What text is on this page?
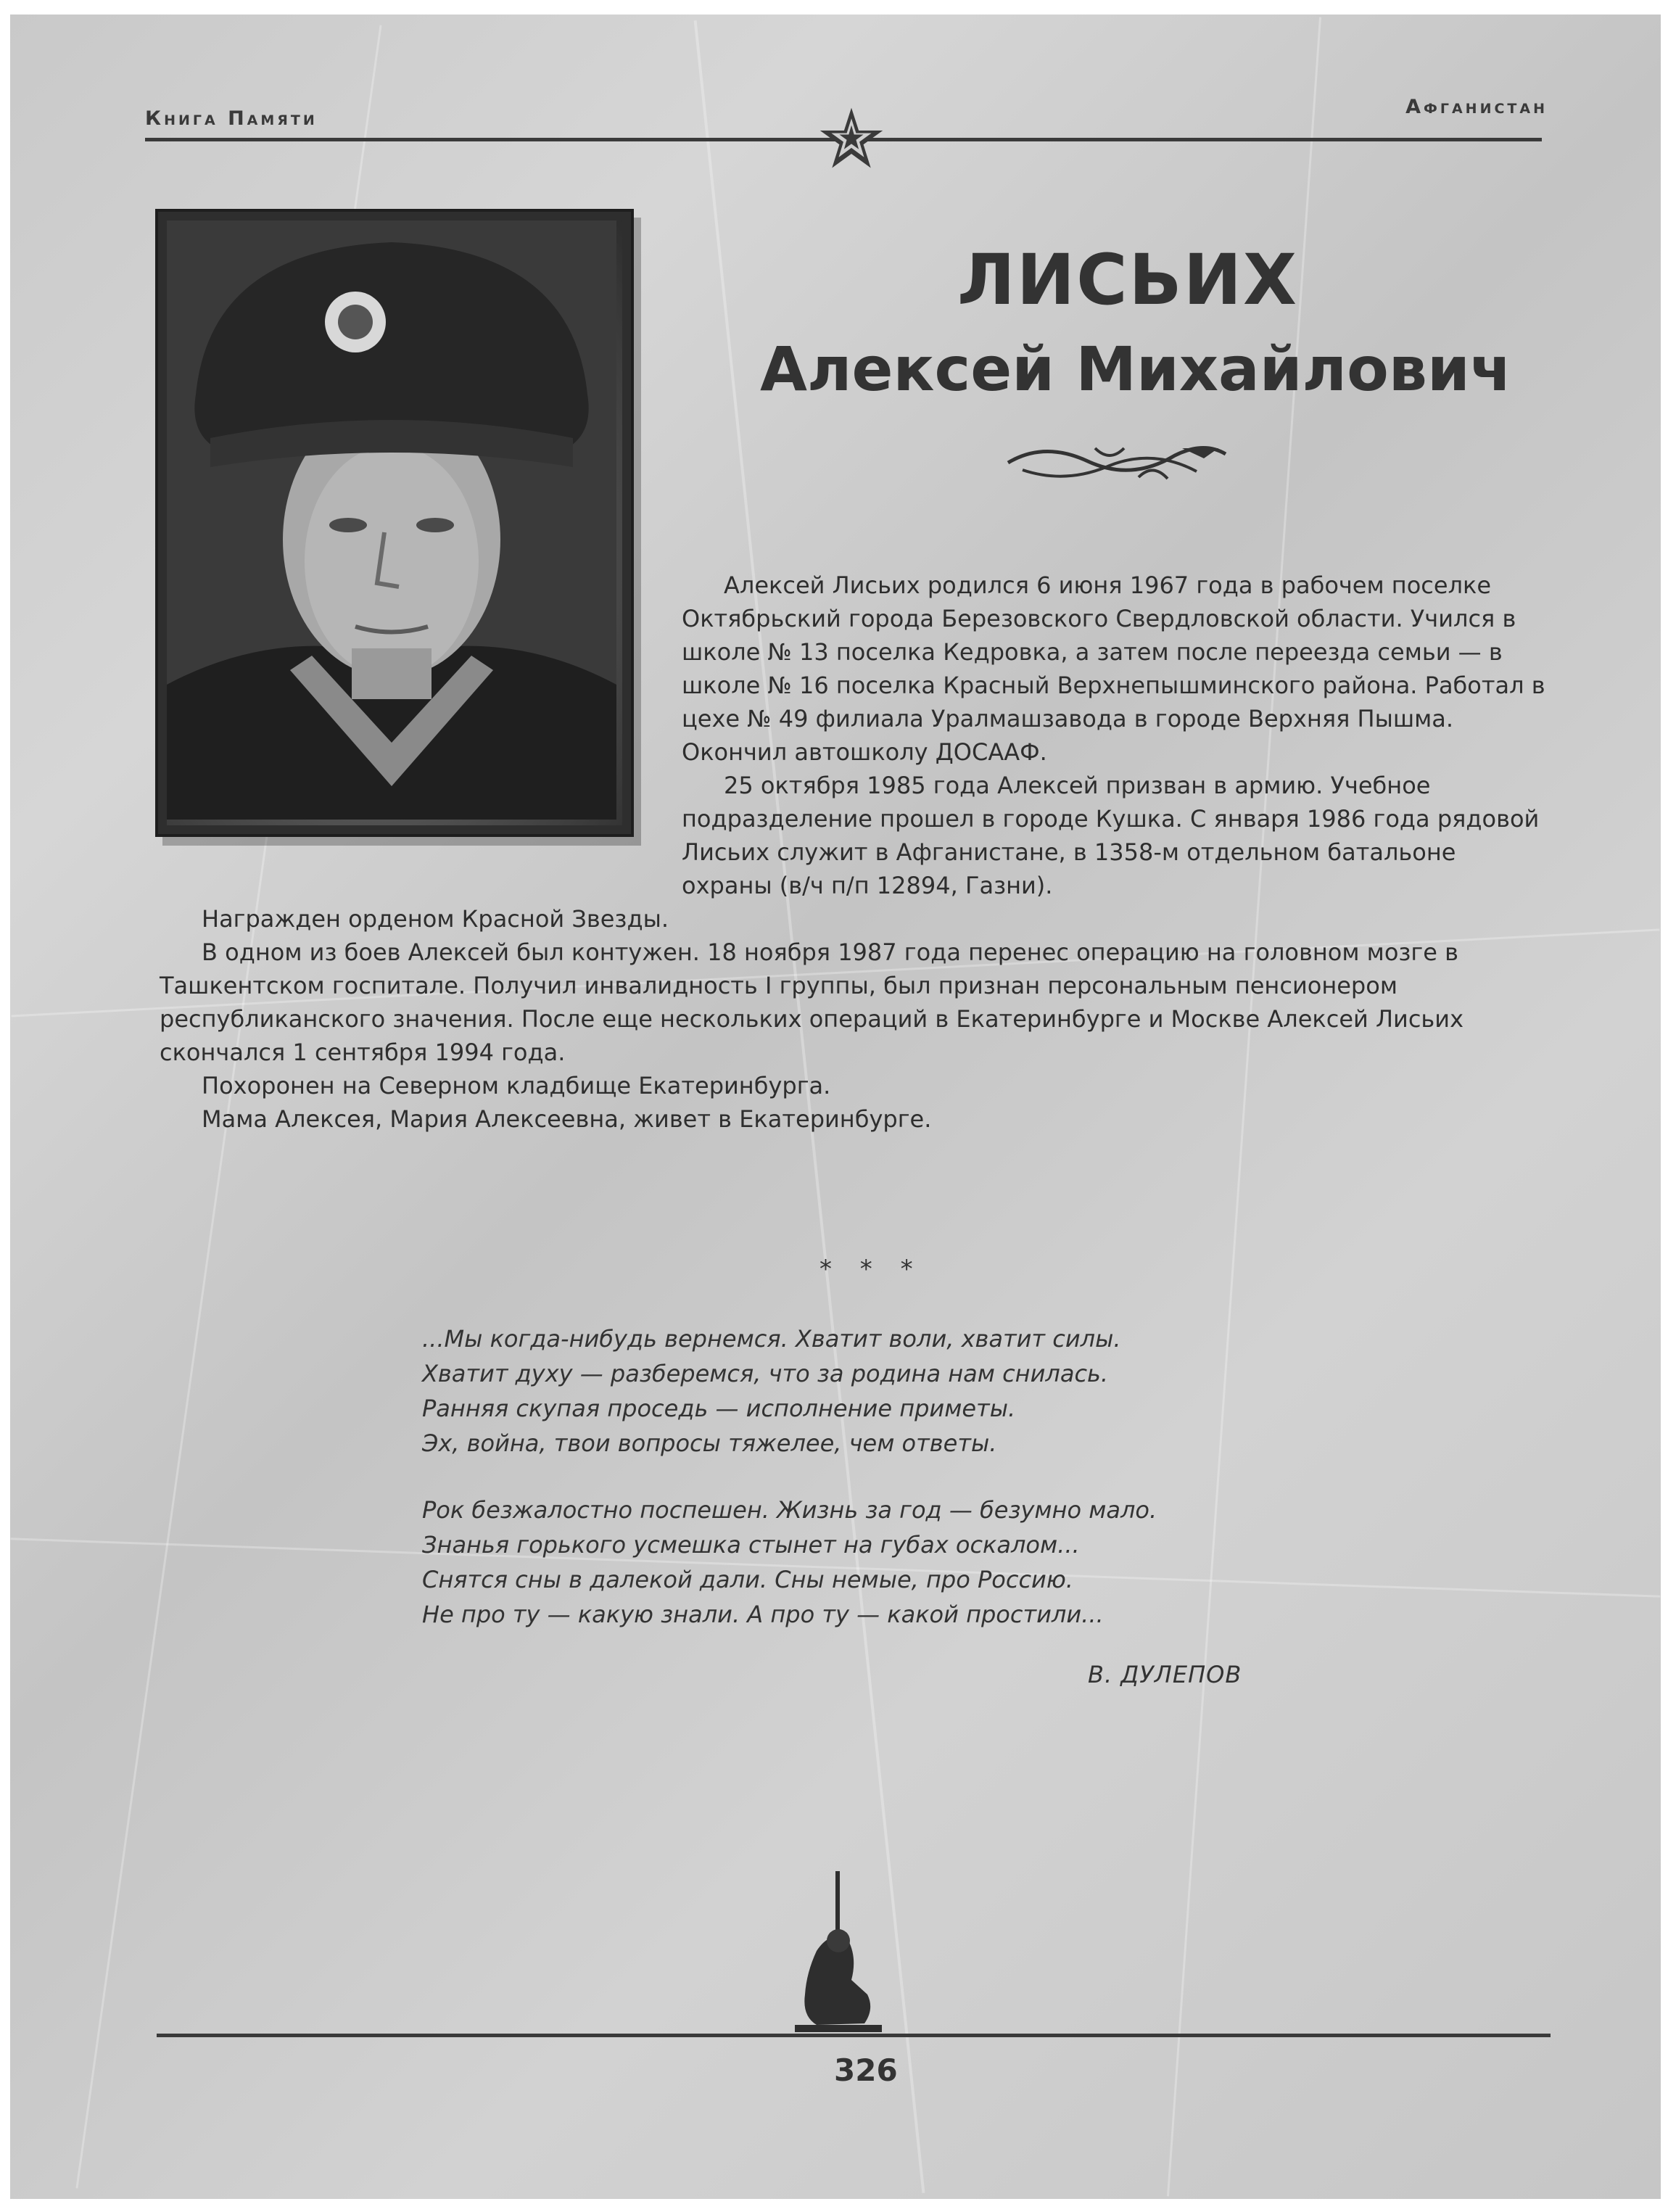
Книга Памяти
Афганистан
ЛИСЬИХ
Алексей Михайлович

Алексей Лисьих родился 6 июня 1967 года в рабочем поселке Октябрьский города Березовского Свердловской области. Учился в школе № 13 поселка Кедровка, а затем после переезда семьи — в школе № 16 поселка Красный Верхнепышминского района. Работал в цехе № 49 филиала Уралмашзавода в городе Верхняя Пышма. Окончил автошколу ДОСААФ.

25 октября 1985 года Алексей призван в армию. Учебное подразделение прошел в городе Кушка. С января 1986 года рядовой Лисьих служит в Афганистане, в 1358-м отдельном батальоне охраны (в/ч п/п 12894, Газни).

Награжден орденом Красной Звезды.

В одном из боев Алексей был контужен. 18 ноября 1987 года перенес операцию на головном мозге в Ташкентском госпитале. Получил инвалидность I группы, был признан персональным пенсионером республиканского значения. После еще нескольких операций в Екатеринбурге и Москве Алексей Лисьих скончался 1 сентября 1994 года.

Похоронен на Северном кладбище Екатеринбурга.

Мама Алексея, Мария Алексеевна, живет в Екатеринбурге.

* * *
...Мы когда-нибудь вернемся. Хватит воли, хватит силы.
Хватит духу — разберемся, что за родина нам снилась.
Ранняя скупая проседь — исполнение приметы.
Эх, война, твои вопросы тяжелее, чем ответы.
Рок безжалостно поспешен. Жизнь за год — безумно мало.
Знанья горького усмешка стынет на губах оскалом...
Снятся сны в далекой дали. Сны немые, про Россию.
Не про ту — какую знали. А про ту — какой простили...
В. ДУЛЕПОВ
326
